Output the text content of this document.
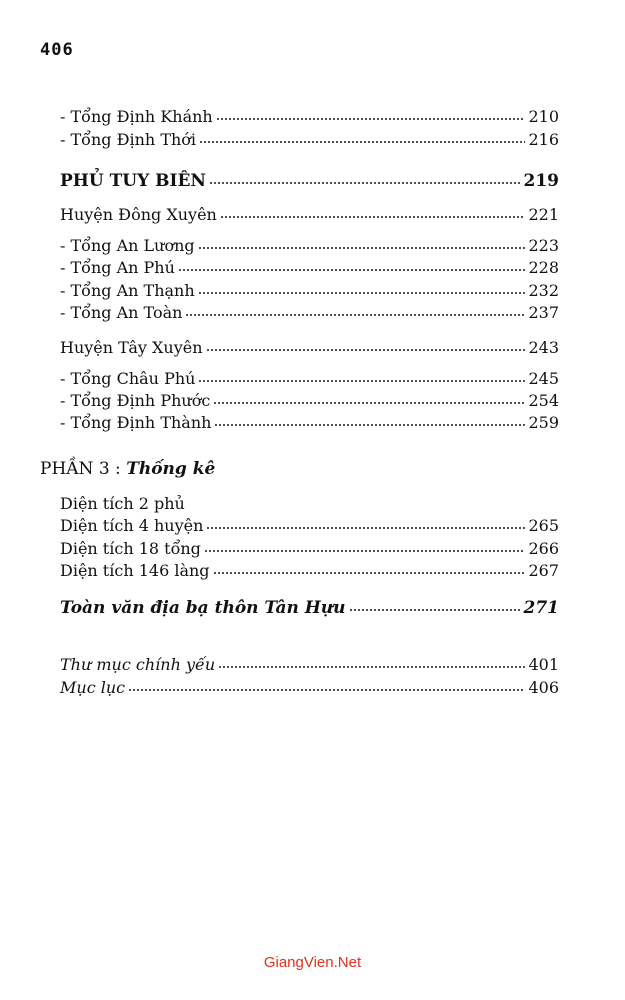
406
- Tổng Định Khánh	210
- Tổng Định Thới	216
PHỦ TUY BIÊN	219
Huyện Đông Xuyên	221
- Tổng An Lương	223
- Tổng An Phú	228
- Tổng An Thạnh	232
- Tổng An Toàn	237
Huyện Tây Xuyên	243
- Tổng Châu Phú	245
- Tổng Định Phước	254
- Tổng Định Thành	259
PHẦN 3 : Thống kê
Diện tích 2 phủ
Diện tích 4 huyện	265
Diện tích 18 tổng	266
Diện tích 146 làng	267
Toàn văn địa bạ thôn Tân Hựu	271
Thư mục chính yếu	401
Mục lục	406
GiangVien.Net
